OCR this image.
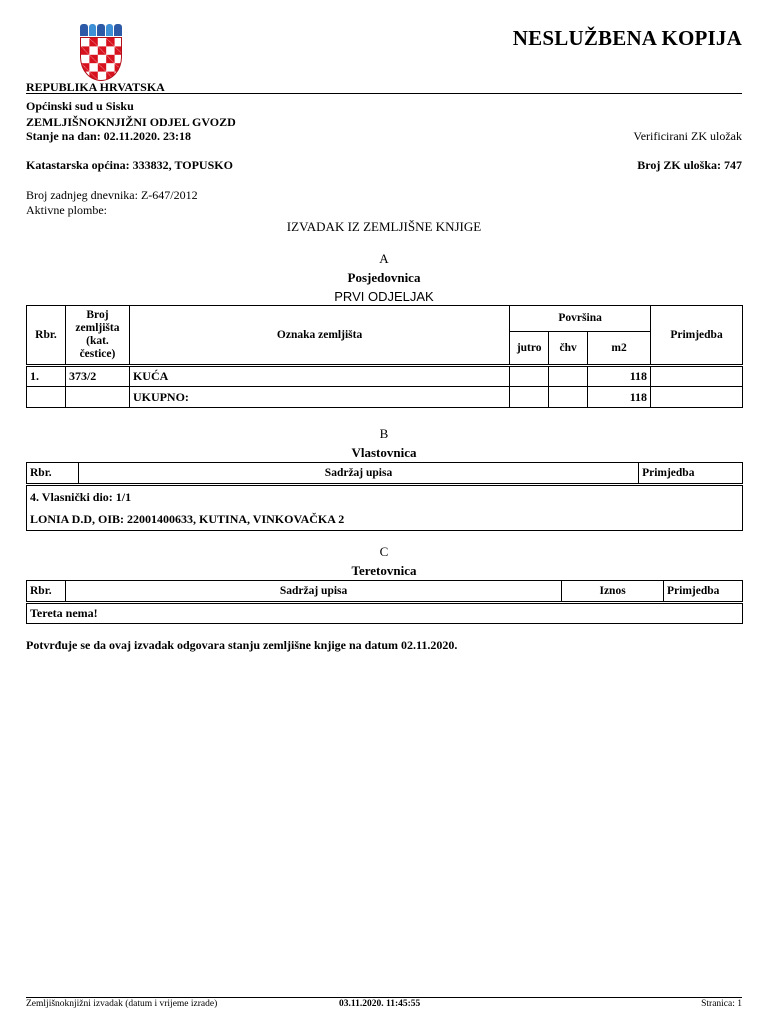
NESLUŽBENA KOPIJA
REPUBLIKA HRVATSKA
Općinski sud u Sisku
ZEMLJIŠNOKNJIŽNI ODJEL GVOZD
Stanje na dan: 02.11.2020. 23:18	Verificirani ZK uložak
Katastarska općina: 333832, TOPUSKO	Broj ZK uloška: 747
Broj zadnjeg dnevnika: Z-647/2012
Aktivne plombe:
IZVADAK IZ ZEMLJIŠNE KNJIGE
A
Posjedovnica
PRVI ODJELJAK
Rbr.	Broj zemljišta (kat. čestice)	Oznaka zemljišta	Površina			Primjedba
			jutro	čhv	m2	
1.	373/2	KUĆA			118	
		UKUPNO:			118	
B
Vlastovnica
Rbr.	Sadržaj upisa	Primjedba

4. Vlasnički dio: 1/1
LONIA D.D, OIB: 22001400633, KUTINA, VINKOVAČKA 2
C
Teretovnica
Rbr.	Sadržaj upisa	Iznos	Primjedba
Tereta nema!
Potvrđuje se da ovaj izvadak odgovara stanju zemljišne knjige na datum 02.11.2020.
Zemljišnoknjižni izvadak (datum i vrijeme izrade)	03.11.2020. 11:45:55	Stranica: 1
